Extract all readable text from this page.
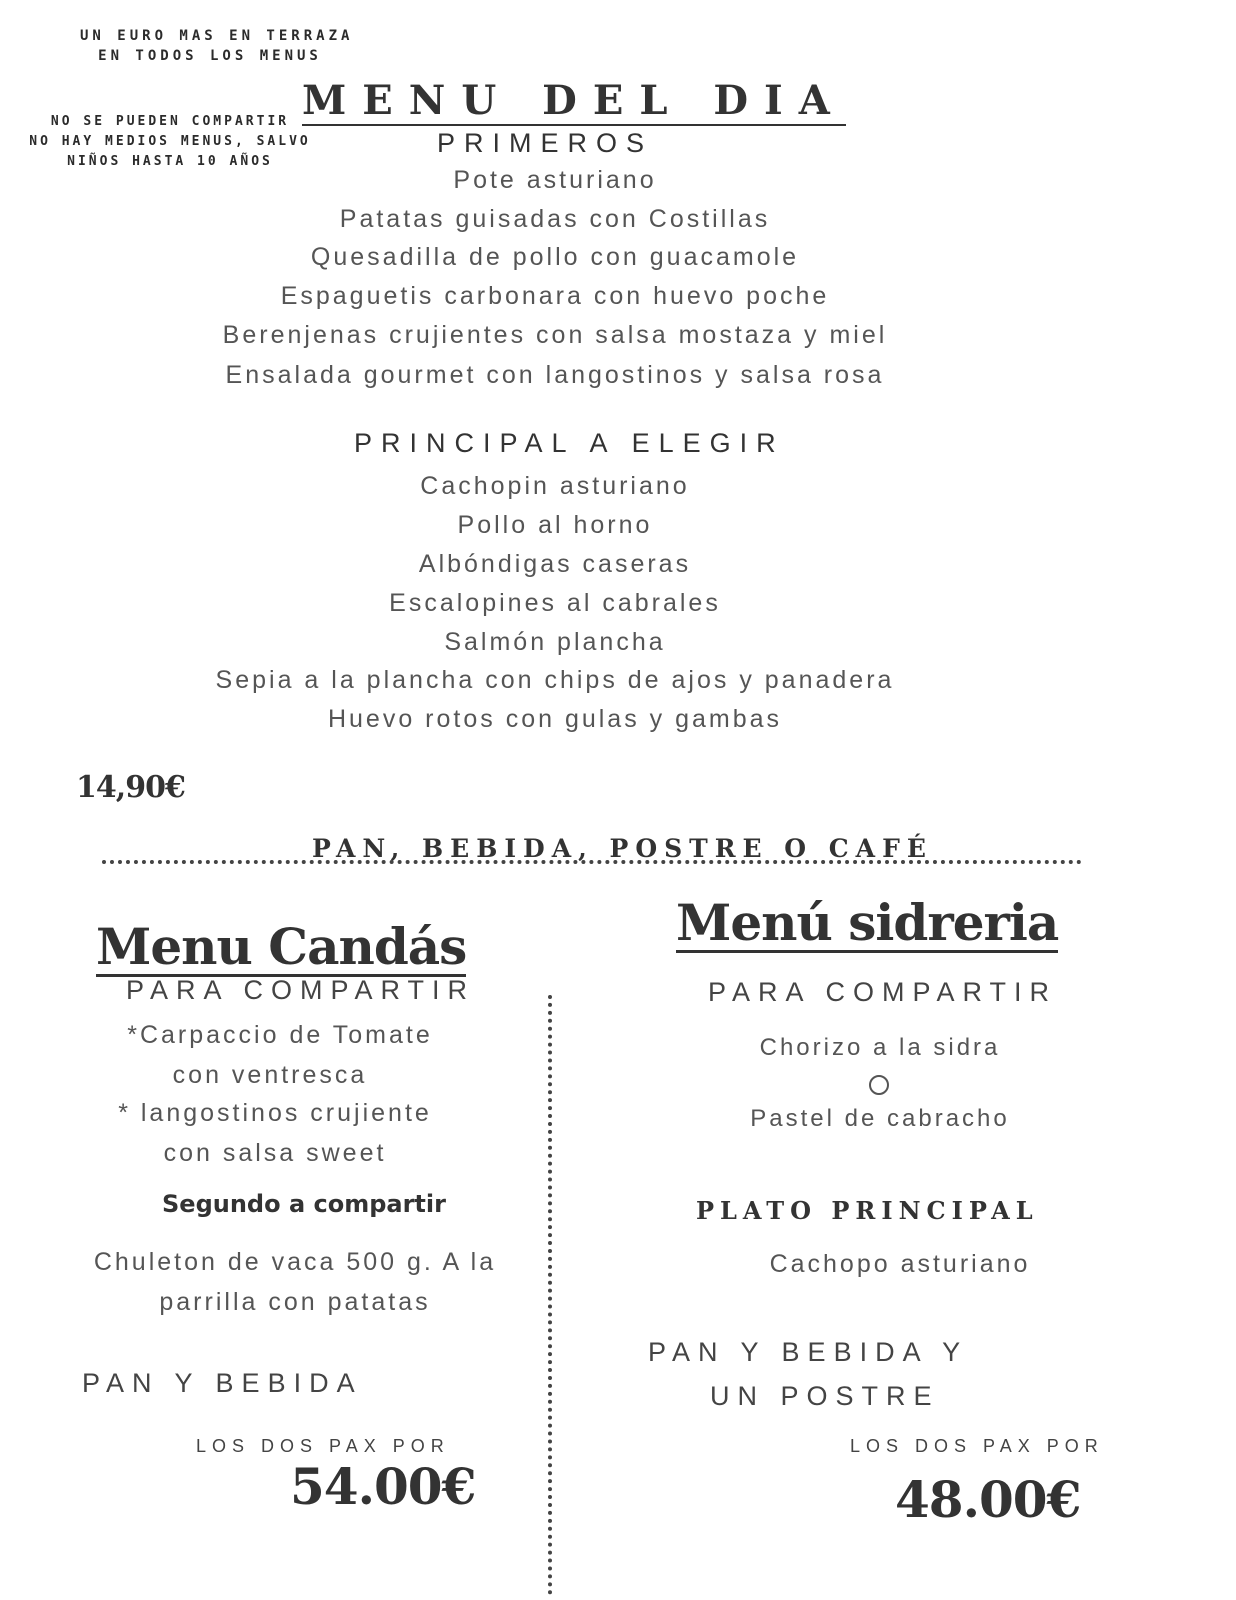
UN EURO MAS EN TERRAZA
EN TODOS LOS MENUS
NO SE PUEDEN COMPARTIR
NO HAY MEDIOS MENUS, SALVO
NIÑOS HASTA 10 AÑOS
MENU DEL DIA
PRIMEROS
Pote asturiano
Patatas guisadas con Costillas
Quesadilla de pollo con guacamole
Espaguetis carbonara con huevo poche
Berenjenas crujientes con salsa mostaza y miel
Ensalada gourmet con langostinos y salsa rosa
PRINCIPAL A ELEGIR
Cachopin asturiano
Pollo al horno
Albóndigas caseras
Escalopines al cabrales
Salmón plancha
Sepia a la plancha con chips de ajos y panadera
Huevo rotos con gulas y gambas
14,90€
PAN, BEBIDA, POSTRE O CAFÉ
Menu Candás
PARA COMPARTIR
*Carpaccio de Tomate
con ventresca
* langostinos crujiente
con salsa sweet
Segundo a compartir
Chuleton de vaca 500 g. A la
parrilla con patatas
PAN Y BEBIDA
LOS DOS PAX POR
54.00€
Menú sidreria
PARA COMPARTIR
Chorizo a la sidra
Pastel de cabracho
PLATO PRINCIPAL
Cachopo asturiano
PAN Y BEBIDA Y
UN POSTRE
LOS DOS PAX POR
48.00€
